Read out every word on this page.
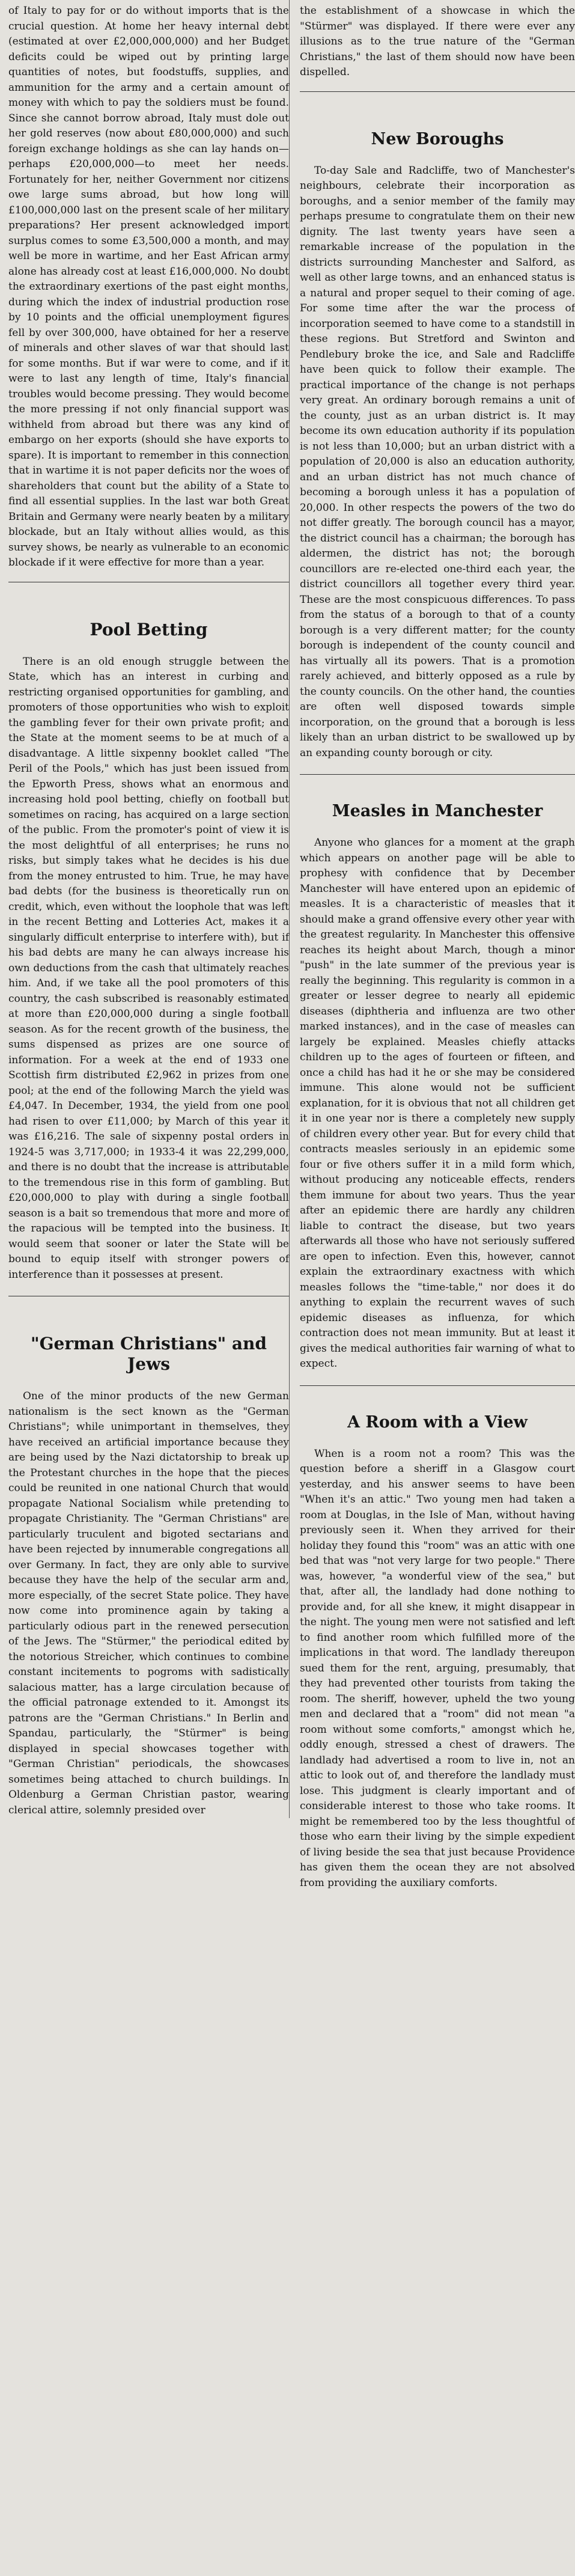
of Italy to pay for or do without imports that is the crucial question. At home her heavy internal debt (estimated at over £2,000,000,000) and her Budget deficits could be wiped out by printing large quantities of notes, but foodstuffs, supplies, and ammunition for the army and a certain amount of money with which to pay the soldiers must be found. Since she cannot borrow abroad, Italy must dole out her gold reserves (now about £80,000,000) and such foreign exchange holdings as she can lay hands on—perhaps £20,000,000—to meet her needs. Fortunately for her, neither Government nor citizens owe large sums abroad, but how long will £100,000,000 last on the present scale of her military preparations? Her present acknowledged import surplus comes to some £3,500,000 a month, and may well be more in wartime, and her East African army alone has already cost at least £16,000,000. No doubt the extraordinary exertions of the past eight months, during which the index of industrial production rose by 10 points and the official unemployment figures fell by over 300,000, have obtained for her a reserve of minerals and other slaves of war that should last for some months. But if war were to come, and if it were to last any length of time, Italy's financial troubles would become pressing. They would become the more pressing if not only financial support was withheld from abroad but there was any kind of embargo on her exports (should she have exports to spare). It is important to remember in this connection that in wartime it is not paper deficits nor the woes of shareholders that count but the ability of a State to find all essential supplies. In the last war both Great Britain and Germany were nearly beaten by a military blockade, but an Italy without allies would, as this survey shows, be nearly as vulnerable to an economic blockade if it were effective for more than a year.

Pool Betting

There is an old enough struggle between the State, which has an interest in curbing and restricting organised opportunities for gambling, and promoters of those opportunities who wish to exploit the gambling fever for their own private profit; and the State at the moment seems to be at much of a disadvantage. A little sixpenny booklet called "The Peril of the Pools," which has just been issued from the Epworth Press, shows what an enormous and increasing hold pool betting, chiefly on football but sometimes on racing, has acquired on a large section of the public. From the promoter's point of view it is the most delightful of all enterprises; he runs no risks, but simply takes what he decides is his due from the money entrusted to him. True, he may have bad debts (for the business is theoretically run on credit, which, even without the loophole that was left in the recent Betting and Lotteries Act, makes it a singularly difficult enterprise to interfere with), but if his bad debts are many he can always increase his own deductions from the cash that ultimately reaches him. And, if we take all the pool promoters of this country, the cash subscribed is reasonably estimated at more than £20,000,000 during a single football season. As for the recent growth of the business, the sums dispensed as prizes are one source of information. For a week at the end of 1933 one Scottish firm distributed £2,962 in prizes from one pool; at the end of the following March the yield was £4,047. In December, 1934, the yield from one pool had risen to over £11,000; by March of this year it was £16,216. The sale of sixpenny postal orders in 1924-5 was 3,717,000; in 1933-4 it was 22,299,000, and there is no doubt that the increase is attributable to the tremendous rise in this form of gambling. But £20,000,000 to play with during a single football season is a bait so tremendous that more and more of the rapacious will be tempted into the business. It would seem that sooner or later the State will be bound to equip itself with stronger powers of interference than it possesses at present.

"German Christians" and
Jews

One of the minor products of the new German nationalism is the sect known as the "German Christians"; while unimportant in themselves, they have received an artificial importance because they are being used by the Nazi dictatorship to break up the Protestant churches in the hope that the pieces could be reunited in one national Church that would propagate National Socialism while pretending to propagate Christianity. The "German Christians" are particularly truculent and bigoted sectarians and have been rejected by innumerable congregations all over Germany. In fact, they are only able to survive because they have the help of the secular arm and, more especially, of the secret State police. They have now come into prominence again by taking a particularly odious part in the renewed persecution of the Jews. The "Stürmer," the periodical edited by the notorious Streicher, which continues to combine constant incitements to pogroms with sadistically salacious matter, has a large circulation because of the official patronage extended to it. Amongst its patrons are the "German Christians." In Berlin and Spandau, particularly, the "Stürmer" is being displayed in special showcases together with "German Christian" periodicals, the showcases sometimes being attached to church buildings. In Oldenburg a German Christian pastor, wearing clerical attire, solemnly presided over

the establishment of a showcase in which the "Stürmer" was displayed. If there were ever any illusions as to the true nature of the "German Christians," the last of them should now have been dispelled.

New Boroughs

To-day Sale and Radcliffe, two of Manchester's neighbours, celebrate their incorporation as boroughs, and a senior member of the family may perhaps presume to congratulate them on their new dignity. The last twenty years have seen a remarkable increase of the population in the districts surrounding Manchester and Salford, as well as other large towns, and an enhanced status is a natural and proper sequel to their coming of age. For some time after the war the process of incorporation seemed to have come to a standstill in these regions. But Stretford and Swinton and Pendlebury broke the ice, and Sale and Radcliffe have been quick to follow their example. The practical importance of the change is not perhaps very great. An ordinary borough remains a unit of the county, just as an urban district is. It may become its own education authority if its population is not less than 10,000; but an urban district with a population of 20,000 is also an education authority, and an urban district has not much chance of becoming a borough unless it has a population of 20,000. In other respects the powers of the two do not differ greatly. The borough council has a mayor, the district council has a chairman; the borough has aldermen, the district has not; the borough councillors are re-elected one-third each year, the district councillors all together every third year. These are the most conspicuous differences. To pass from the status of a borough to that of a county borough is a very different matter; for the county borough is independent of the county council and has virtually all its powers. That is a promotion rarely achieved, and bitterly opposed as a rule by the county councils. On the other hand, the counties are often well disposed towards simple incorporation, on the ground that a borough is less likely than an urban district to be swallowed up by an expanding county borough or city.

Measles in Manchester

Anyone who glances for a moment at the graph which appears on another page will be able to prophesy with confidence that by December Manchester will have entered upon an epidemic of measles. It is a characteristic of measles that it should make a grand offensive every other year with the greatest regularity. In Manchester this offensive reaches its height about March, though a minor "push" in the late summer of the previous year is really the beginning. This regularity is common in a greater or lesser degree to nearly all epidemic diseases (diphtheria and influenza are two other marked instances), and in the case of measles can largely be explained. Measles chiefly attacks children up to the ages of fourteen or fifteen, and once a child has had it he or she may be considered immune. This alone would not be sufficient explanation, for it is obvious that not all children get it in one year nor is there a completely new supply of children every other year. But for every child that contracts measles seriously in an epidemic some four or five others suffer it in a mild form which, without producing any noticeable effects, renders them immune for about two years. Thus the year after an epidemic there are hardly any children liable to contract the disease, but two years afterwards all those who have not seriously suffered are open to infection. Even this, however, cannot explain the extraordinary exactness with which measles follows the "time-table," nor does it do anything to explain the recurrent waves of such epidemic diseases as influenza, for which contraction does not mean immunity. But at least it gives the medical authorities fair warning of what to expect.

A Room with a View

When is a room not a room? This was the question before a sheriff in a Glasgow court yesterday, and his answer seems to have been "When it's an attic." Two young men had taken a room at Douglas, in the Isle of Man, without having previously seen it. When they arrived for their holiday they found this "room" was an attic with one bed that was "not very large for two people." There was, however, "a wonderful view of the sea," but that, after all, the landlady had done nothing to provide and, for all she knew, it might disappear in the night. The young men were not satisfied and left to find another room which fulfilled more of the implications in that word. The landlady thereupon sued them for the rent, arguing, presumably, that they had prevented other tourists from taking the room. The sheriff, however, upheld the two young men and declared that a "room" did not mean "a room without some comforts," amongst which he, oddly enough, stressed a chest of drawers. The landlady had advertised a room to live in, not an attic to look out of, and therefore the landlady must lose. This judgment is clearly important and of considerable interest to those who take rooms. It might be remembered too by the less thoughtful of those who earn their living by the simple expedient of living beside the sea that just because Providence has given them the ocean they are not absolved from providing the auxiliary comforts.
